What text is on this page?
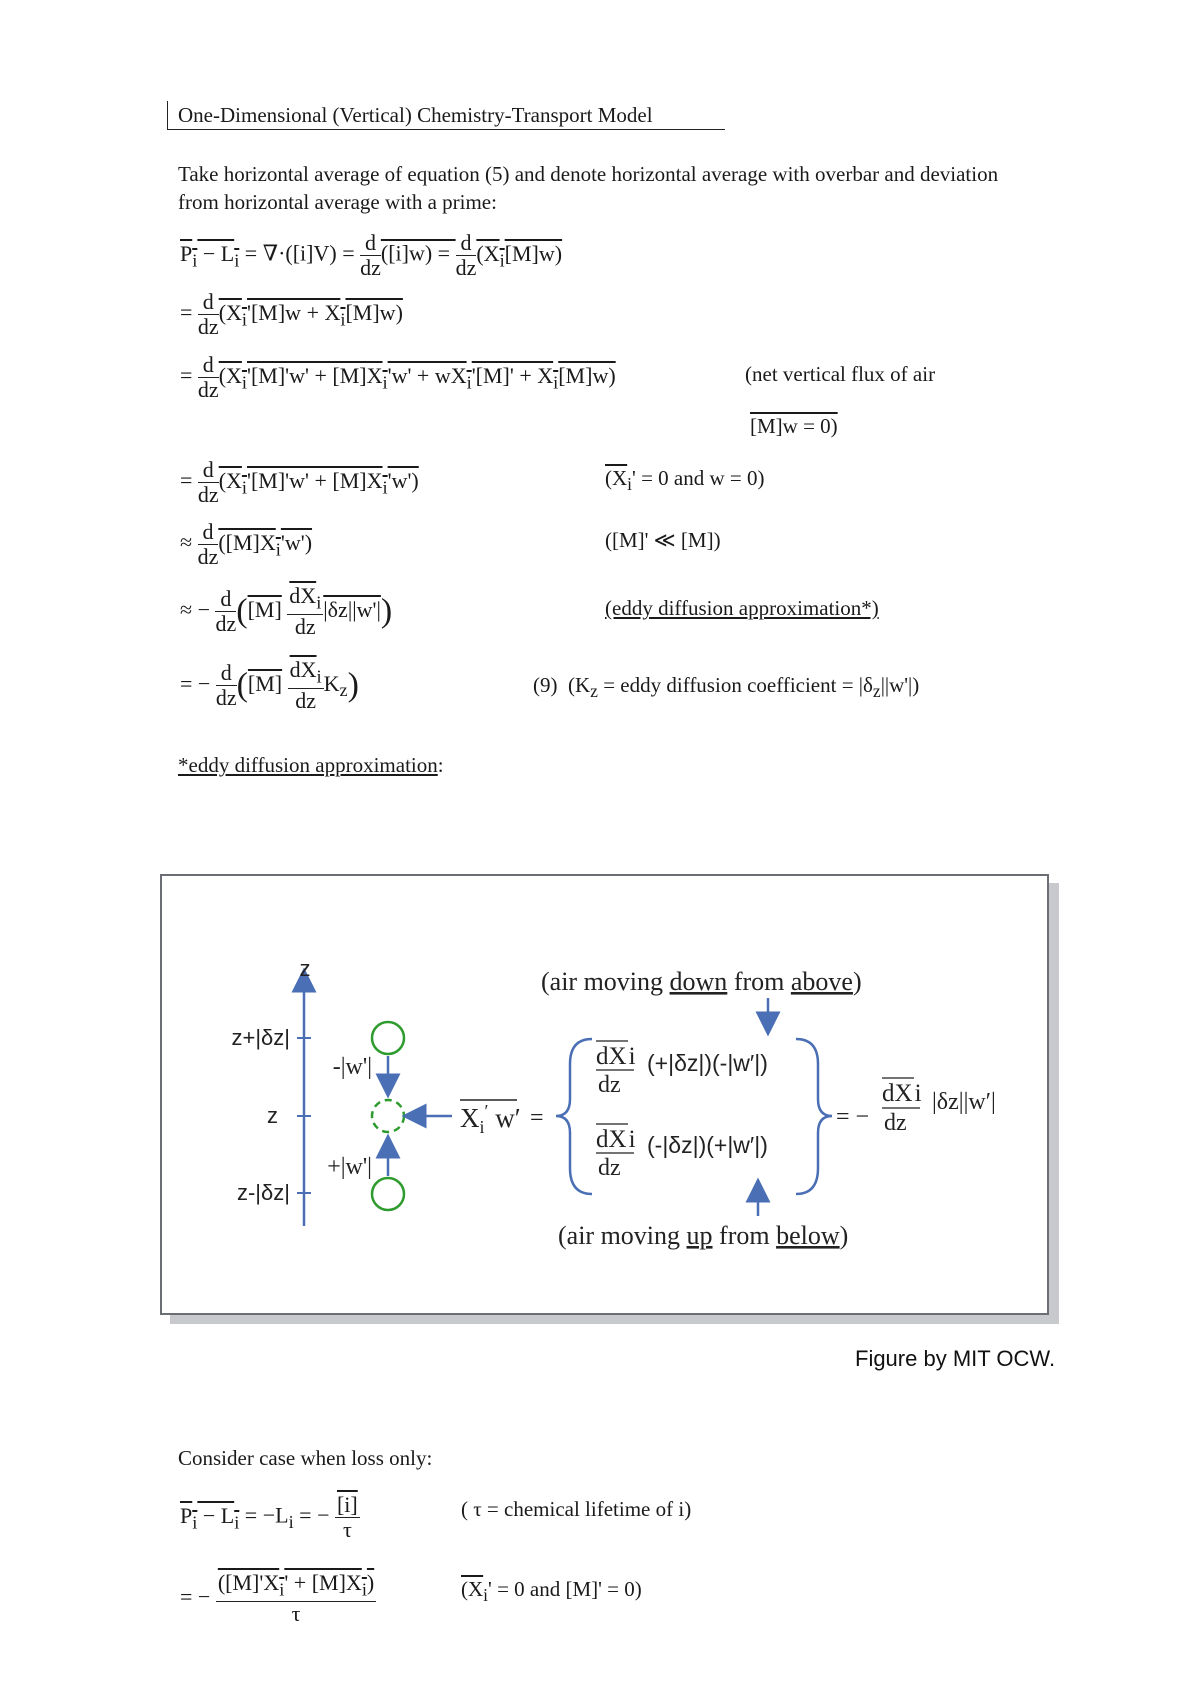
One-Dimensional (Vertical) Chemistry-Transport Model
Take horizontal average of equation (5) and denote horizontal average with overbar and deviation from horizontal average with a prime:
$P_i - L_i = \nabla\cdot([i]V) = \frac{d}{dz} ([i]w) = \frac{d}{dz} (X_i[M]w)$
= $\frac{d}{dz} (X_i'[M]w + X_i[M]w)$
= $\frac{d}{dz} (X_i'[M]'w' + [M]X_i'w' + wX_i'[M]' + X_i[M]w)$	(net vertical flux of air
[M]w = 0)
= $\frac{d}{dz} (X_i'[M]'w' + [M]X_i'w')$	($X_i' = 0$ and w = 0)
≈ $\frac{d}{dz} ([M]X_i'w')$	([M]' ≪ [M])
≈ − $\frac{d}{dz} ([M] \frac{\overline{dX}_i}{dz} |\delta z||w'|)$	(eddy diffusion approximation*)
= − $\frac{d}{dz} ([M] \frac{\overline{dX}_i}{dz} K_z)$	(9) ($K_z$ = eddy diffusion coefficient = $|\delta_z||w'|$)
*eddy diffusion approximation:
z
z+|δz|
z
z-|δz|
-|w'|
+|w'|
$X_i'$ w′ =
(air moving down from above)
dXi
dz
(+|δz|)(-|w′|)
dXi
dz
(-|δz|)(+|w′|)
= −
dXi
dz
|δz||w′|
(air moving up from below)
Figure by MIT OCW.
Consider case when loss only:
$P_i - L_i = -L_i$ = − $\frac{[i]}{\tau}$	( τ = chemical lifetime of i)
= − $\frac{([M]'X_i' + [M]X_i)}{\tau}$	($X_i' = 0$ and [M]' = 0)
